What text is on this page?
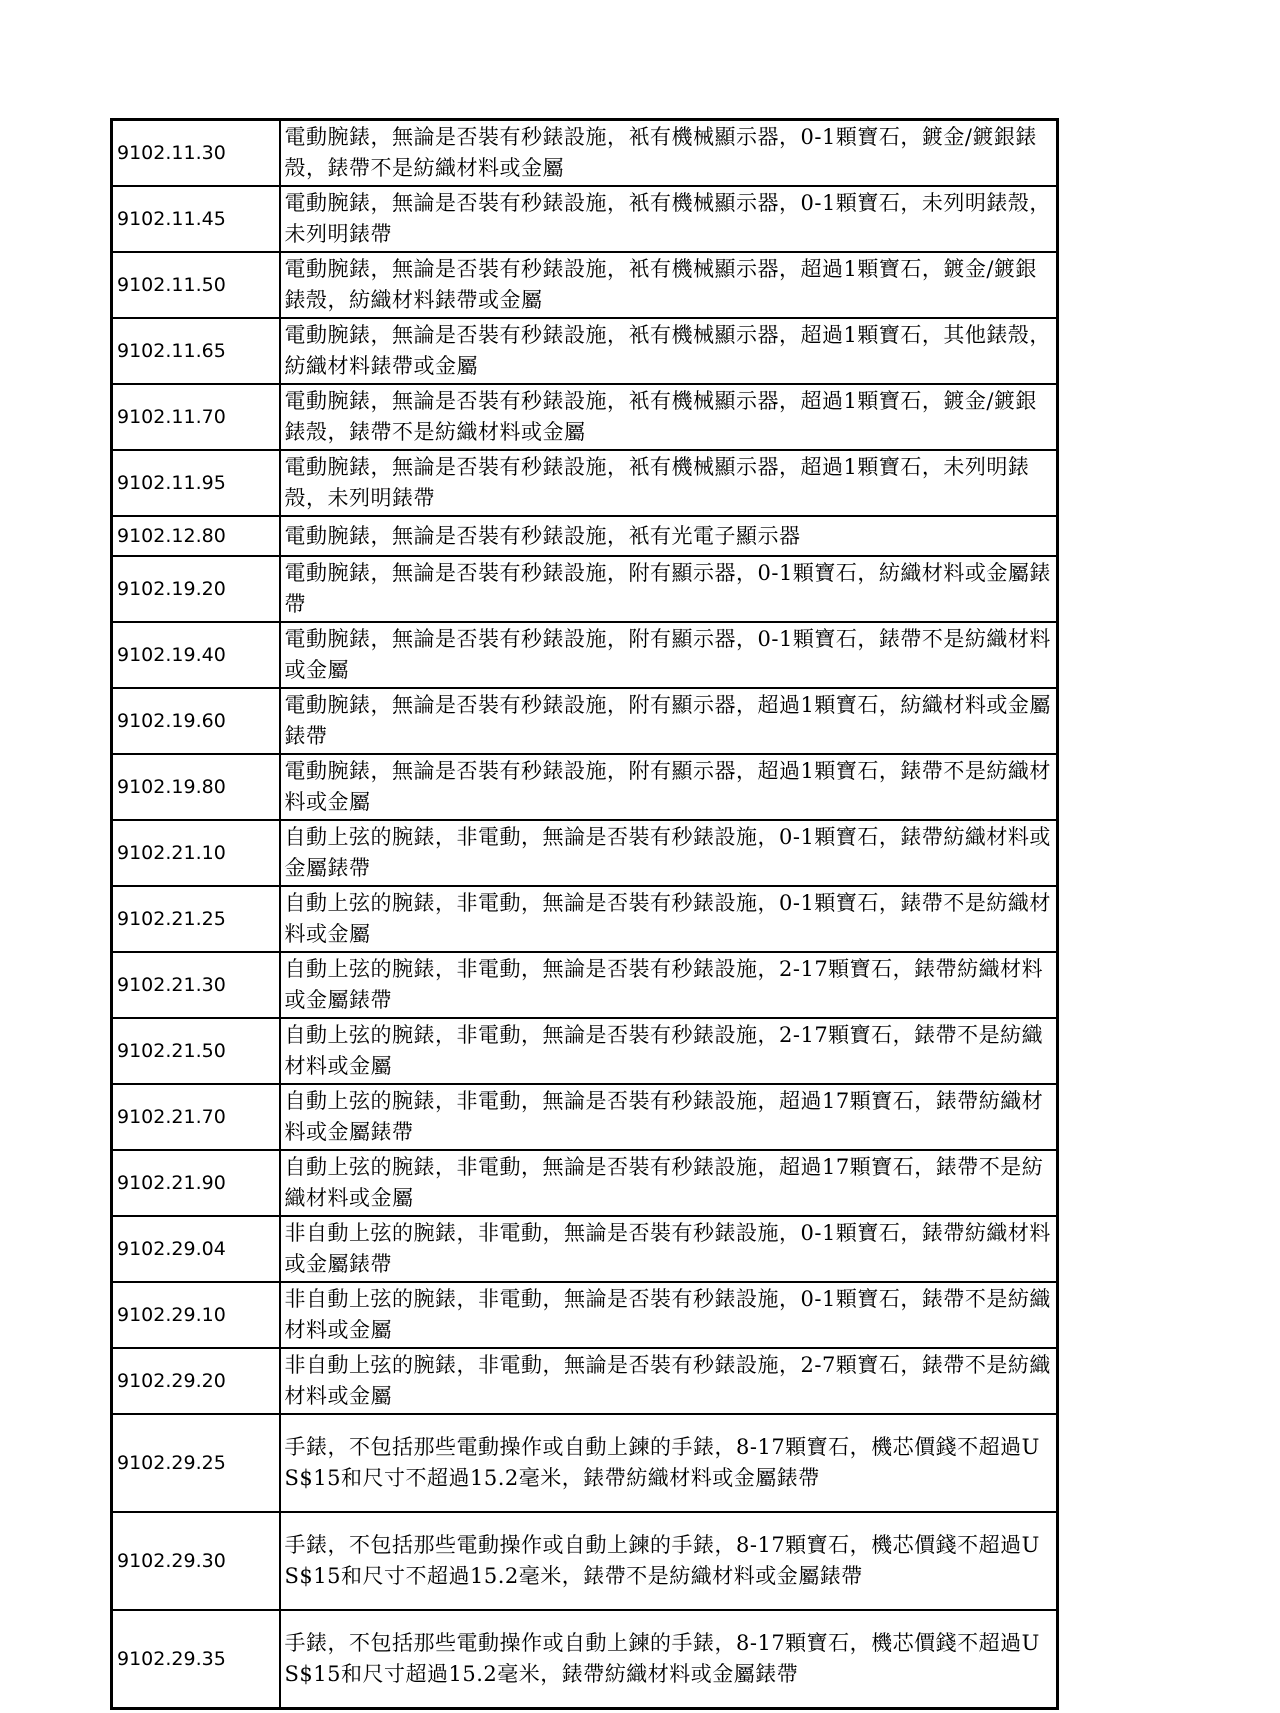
9102.11.30	電動腕錶，無論是否裝有秒錶設施，衹有機械顯示器，0-1顆寶石，鍍金/鍍銀錶殼，錶帶不是紡織材料或金屬
9102.11.45	電動腕錶，無論是否裝有秒錶設施，衹有機械顯示器，0-1顆寶石，未列明錶殼，未列明錶帶
9102.11.50	電動腕錶，無論是否裝有秒錶設施，衹有機械顯示器，超過1顆寶石，鍍金/鍍銀錶殼，紡織材料錶帶或金屬
9102.11.65	電動腕錶，無論是否裝有秒錶設施，衹有機械顯示器，超過1顆寶石，其他錶殼，紡織材料錶帶或金屬
9102.11.70	電動腕錶，無論是否裝有秒錶設施，衹有機械顯示器，超過1顆寶石，鍍金/鍍銀錶殼，錶帶不是紡織材料或金屬
9102.11.95	電動腕錶，無論是否裝有秒錶設施，衹有機械顯示器，超過1顆寶石，未列明錶殼，未列明錶帶
9102.12.80	電動腕錶，無論是否裝有秒錶設施，衹有光電子顯示器
9102.19.20	電動腕錶，無論是否裝有秒錶設施，附有顯示器，0-1顆寶石，紡織材料或金屬錶帶
9102.19.40	電動腕錶，無論是否裝有秒錶設施，附有顯示器，0-1顆寶石，錶帶不是紡織材料或金屬
9102.19.60	電動腕錶，無論是否裝有秒錶設施，附有顯示器，超過1顆寶石，紡織材料或金屬錶帶
9102.19.80	電動腕錶，無論是否裝有秒錶設施，附有顯示器，超過1顆寶石，錶帶不是紡織材料或金屬
9102.21.10	自動上弦的腕錶，非電動，無論是否裝有秒錶設施，0-1顆寶石，錶帶紡織材料或金屬錶帶
9102.21.25	自動上弦的腕錶，非電動，無論是否裝有秒錶設施，0-1顆寶石，錶帶不是紡織材料或金屬
9102.21.30	自動上弦的腕錶，非電動，無論是否裝有秒錶設施，2-17顆寶石，錶帶紡織材料或金屬錶帶
9102.21.50	自動上弦的腕錶，非電動，無論是否裝有秒錶設施，2-17顆寶石，錶帶不是紡織材料或金屬
9102.21.70	自動上弦的腕錶，非電動，無論是否裝有秒錶設施，超過17顆寶石，錶帶紡織材料或金屬錶帶
9102.21.90	自動上弦的腕錶，非電動，無論是否裝有秒錶設施，超過17顆寶石，錶帶不是紡織材料或金屬
9102.29.04	非自動上弦的腕錶，非電動，無論是否裝有秒錶設施，0-1顆寶石，錶帶紡織材料或金屬錶帶
9102.29.10	非自動上弦的腕錶，非電動，無論是否裝有秒錶設施，0-1顆寶石，錶帶不是紡織材料或金屬
9102.29.20	非自動上弦的腕錶，非電動，無論是否裝有秒錶設施，2-7顆寶石，錶帶不是紡織材料或金屬
9102.29.25	手錶，不包括那些電動操作或自動上鍊的手錶，8-17顆寶石，機芯價錢不超過US$15和尺寸不超過15.2毫米，錶帶紡織材料或金屬錶帶
9102.29.30	手錶，不包括那些電動操作或自動上鍊的手錶，8-17顆寶石，機芯價錢不超過US$15和尺寸不超過15.2毫米，錶帶不是紡織材料或金屬錶帶
9102.29.35	手錶，不包括那些電動操作或自動上鍊的手錶，8-17顆寶石，機芯價錢不超過US$15和尺寸超過15.2毫米，錶帶紡織材料或金屬錶帶
